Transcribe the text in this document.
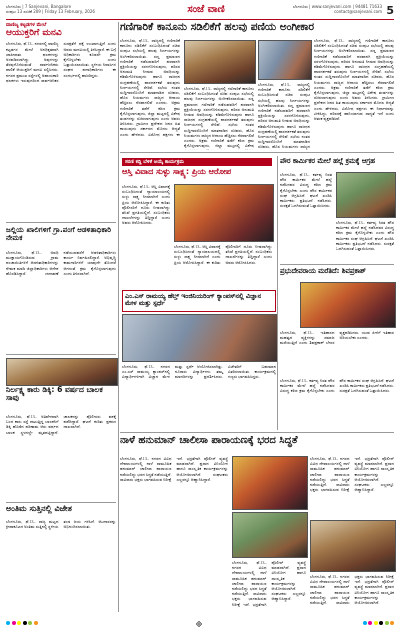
ಬೆಂಗಳೂರು | 7 Sanjevani, Bangalore
ಸಂಪುಟ 13 ಸಂಚಿಕೆ 209 | Friday 13 February, 2026	ಸಂಜೆ ವಾಣಿ	ಬೆಂಗಳೂರು | www.sanjevani.com | 94481 71633
contact@sanjevani.com 5
ವಾಣಿಜ್ಯ ಕಟ್ಟಡಗಳ ಮೇಲೆ
ಆಯುಕ್ತರಿಗೆ ಮನವಿ
ಬೆಂಗಳೂರು, ಫೆ.13– ನಗರದಲ್ಲಿ ವಾಣಿಜ್ಯ ಕಟ್ಟಡಗಳ ಮೇಲೆ ಅನಧಿಕೃತವಾಗಿ ಜಾಹೀರಾತು ಫಲಕಗಳನ್ನು ಅಳವಡಿಸಲಾಗಿದ್ದು ಅವುಗಳನ್ನು ತೆರವುಗೊಳಿಸುವಂತೆ ಸಾರ್ವಜನಿಕರು ಪಾಲಿಕೆ ಆಯುಕ್ತರಿಗೆ ಮನವಿ ಸಲ್ಲಿಸಿದರು. ನಗರದ ಪ್ರಮುಖ ರಸ್ತೆಗಳಲ್ಲಿ ಅಪಾಯಕಾರಿ ಫಲಕಗಳು ಇರುವುದರಿಂದ ಸಾರ್ವಜನಿಕರ ಸುರಕ್ಷತೆಗೆ ಧಕ್ಕೆ ಉಂಟಾಗುತ್ತಿದೆ ಎಂದು ಅವರು ಮನವಿಯಲ್ಲಿ ತಿಳಿಸಿದ್ದಾರೆ. ಈ ಬಗ್ಗೆ ಅಧಿಕಾರಿಗಳು ಕೂಡಲೇ ಕ್ರಮ ಕೈಗೊಳ್ಳಬೇಕು ಎಂದು ಒತ್ತಾಯಿಸಲಾಯಿತು. ಸ್ಥಳೀಯ ನಿವಾಸಿಗಳ ಸಂಘದ ಪದಾಧಿಕಾರಿಗಳು ಈ ಸಂದರ್ಭದಲ್ಲಿ ಹಾಜರಿದ್ದರು.
ಗಣಿಗಾರಿಕೆ ಕಾನೂನು ಸಡಿಲಿಕೆಗೆ ಹಲವು ಪಣಿಯ ಅಂಗೀಕಾರ
ಬೆಂಗಳೂರು, ಫೆ.13– ರಾಜ್ಯದಲ್ಲಿ ಗಣಿಗಾರಿಕೆ ಕಾನೂನು ಸಡಿಲಿಕೆಗೆ ಸಂಬಂಧಿಸಿದಂತೆ ಸಚಿವ ಸಂಪುಟ ಸಭೆಯಲ್ಲಿ ಹಲವು ನಿರ್ಣಯಗಳನ್ನು ಅಂಗೀಕರಿಸಲಾಯಿತು. ಸಣ್ಣ ಪ್ರಮಾಣದ ಗಣಿಗಾರಿಕೆ ನಡೆಸುವವರಿಗೆ ಪರವಾನಗಿ ಪ್ರಕ್ರಿಯೆಯನ್ನು ಸರಳಗೊಳಿಸುವುದು, ಪರಿಸರ ಅನುಮತಿ ನೀಡುವ ಅವಧಿಯನ್ನು ಕಡಿಮೆಗೊಳಿಸುವುದು ಹಾಗೂ ರಾಜಧನ ಸಂಗ್ರಹಣೆಯಲ್ಲಿ ಪಾರದರ್ಶಕತೆ ತರುವುದು ನಿರ್ಣಯಗಳಲ್ಲಿ ಸೇರಿವೆ. ಸಭೆಯ ನಂತರ ಸುದ್ದಿಗಾರರೊಂದಿಗೆ ಮಾತನಾಡಿದ ಸಚಿವರು, ಹೊಸ ನಿಯಮಗಳು ರಾಜ್ಯದ ಆದಾಯ ಹೆಚ್ಚಿಸಲು ನೆರವಾಗಲಿವೆ ಎಂದರು. ಅಕ್ರಮ ಗಣಿಗಾರಿಕೆ ತಡೆಗೆ ಕಠಿಣ ಕ್ರಮ ಕೈಗೊಳ್ಳಲಾಗುವುದು, ಜಿಲ್ಲಾ ಮಟ್ಟದಲ್ಲಿ ವಿಶೇಷ ತಂಡಗಳನ್ನು ರಚಿಸಲಾಗುವುದು ಎಂದು ಅವರು ತಿಳಿಸಿದರು. ಗ್ರಾಮೀಣ ಪ್ರದೇಶದ ಜನರ ಹಿತ ಕಾಯುವುದು ಸರ್ಕಾರದ ಮೊದಲ ಆದ್ಯತೆ ಎಂದು ಹೇಳಿದರು. ವಿರೋಧ ಪಕ್ಷಗಳು ಈ
ಬೆಂಗಳೂರು, ಫೆ.13– ರಾಜ್ಯದಲ್ಲಿ ಗಣಿಗಾರಿಕೆ ಕಾನೂನು ಸಡಿಲಿಕೆಗೆ ಸಂಬಂಧಿಸಿದಂತೆ ಸಚಿವ ಸಂಪುಟ ಸಭೆಯಲ್ಲಿ ಹಲವು ನಿರ್ಣಯಗಳನ್ನು ಅಂಗೀಕರಿಸಲಾಯಿತು. ಸಣ್ಣ ಪ್ರಮಾಣದ ಗಣಿಗಾರಿಕೆ ನಡೆಸುವವರಿಗೆ ಪರವಾನಗಿ ಪ್ರಕ್ರಿಯೆಯನ್ನು ಸರಳಗೊಳಿಸುವುದು, ಪರಿಸರ ಅನುಮತಿ ನೀಡುವ ಅವಧಿಯನ್ನು ಕಡಿಮೆಗೊಳಿಸುವುದು ಹಾಗೂ ರಾಜಧನ ಸಂಗ್ರಹಣೆಯಲ್ಲಿ ಪಾರದರ್ಶಕತೆ ತರುವುದು ನಿರ್ಣಯಗಳಲ್ಲಿ ಸೇರಿವೆ. ಸಭೆಯ ನಂತರ ಸುದ್ದಿಗಾರರೊಂದಿಗೆ ಮಾತನಾಡಿದ ಸಚಿವರು, ಹೊಸ ನಿಯಮಗಳು ರಾಜ್ಯದ ಆದಾಯ ಹೆಚ್ಚಿಸಲು ನೆರವಾಗಲಿವೆ ಎಂದರು. ಅಕ್ರಮ ಗಣಿಗಾರಿಕೆ ತಡೆಗೆ ಕಠಿಣ ಕ್ರಮ ಕೈಗೊಳ್ಳಲಾಗುವುದು, ಜಿಲ್ಲಾ ಮಟ್ಟದಲ್ಲಿ ವಿಶೇಷ
ಬೆಂಗಳೂರು, ಫೆ.13– ರಾಜ್ಯದಲ್ಲಿ ಗಣಿಗಾರಿಕೆ ಕಾನೂನು ಸಡಿಲಿಕೆಗೆ ಸಂಬಂಧಿಸಿದಂತೆ ಸಚಿವ ಸಂಪುಟ ಸಭೆಯಲ್ಲಿ ಹಲವು ನಿರ್ಣಯಗಳನ್ನು ಅಂಗೀಕರಿಸಲಾಯಿತು. ಸಣ್ಣ ಪ್ರಮಾಣದ ಗಣಿಗಾರಿಕೆ ನಡೆಸುವವರಿಗೆ ಪರವಾನಗಿ ಪ್ರಕ್ರಿಯೆಯನ್ನು ಸರಳಗೊಳಿಸುವುದು, ಪರಿಸರ ಅನುಮತಿ ನೀಡುವ ಅವಧಿಯನ್ನು ಕಡಿಮೆಗೊಳಿಸುವುದು ಹಾಗೂ ರಾಜಧನ ಸಂಗ್ರಹಣೆಯಲ್ಲಿ ಪಾರದರ್ಶಕತೆ ತರುವುದು ನಿರ್ಣಯಗಳಲ್ಲಿ ಸೇರಿವೆ. ಸಭೆಯ ನಂತರ ಸುದ್ದಿಗಾರರೊಂದಿಗೆ ಮಾತನಾಡಿದ ಸಚಿವರು, ಹೊಸ ನಿಯಮಗಳು ರಾಜ್ಯದ
ಬೆಂಗಳೂರು, ಫೆ.13– ರಾಜ್ಯದಲ್ಲಿ ಗಣಿಗಾರಿಕೆ ಕಾನೂನು ಸಡಿಲಿಕೆಗೆ ಸಂಬಂಧಿಸಿದಂತೆ ಸಚಿವ ಸಂಪುಟ ಸಭೆಯಲ್ಲಿ ಹಲವು ನಿರ್ಣಯಗಳನ್ನು ಅಂಗೀಕರಿಸಲಾಯಿತು. ಸಣ್ಣ ಪ್ರಮಾಣದ ಗಣಿಗಾರಿಕೆ ನಡೆಸುವವರಿಗೆ ಪರವಾನಗಿ ಪ್ರಕ್ರಿಯೆಯನ್ನು ಸರಳಗೊಳಿಸುವುದು, ಪರಿಸರ ಅನುಮತಿ ನೀಡುವ ಅವಧಿಯನ್ನು ಕಡಿಮೆಗೊಳಿಸುವುದು ಹಾಗೂ ರಾಜಧನ ಸಂಗ್ರಹಣೆಯಲ್ಲಿ ಪಾರದರ್ಶಕತೆ ತರುವುದು ನಿರ್ಣಯಗಳಲ್ಲಿ ಸೇರಿವೆ. ಸಭೆಯ ನಂತರ ಸುದ್ದಿಗಾರರೊಂದಿಗೆ ಮಾತನಾಡಿದ ಸಚಿವರು, ಹೊಸ ನಿಯಮಗಳು ರಾಜ್ಯದ ಆದಾಯ ಹೆಚ್ಚಿಸಲು ನೆರವಾಗಲಿವೆ ಎಂದರು. ಅಕ್ರಮ ಗಣಿಗಾರಿಕೆ ತಡೆಗೆ ಕಠಿಣ ಕ್ರಮ ಕೈಗೊಳ್ಳಲಾಗುವುದು, ಜಿಲ್ಲಾ ಮಟ್ಟದಲ್ಲಿ ವಿಶೇಷ ತಂಡಗಳನ್ನು ರಚಿಸಲಾಗುವುದು ಎಂದು ಅವರು ತಿಳಿಸಿದರು. ಗ್ರಾಮೀಣ ಪ್ರದೇಶದ ಜನರ ಹಿತ ಕಾಯುವುದು ಸರ್ಕಾರದ ಮೊದಲ ಆದ್ಯತೆ ಎಂದು ಹೇಳಿದರು. ವಿರೋಧ ಪಕ್ಷಗಳು ಈ ನಿರ್ಧಾರವನ್ನು ಟೀಕಿಸಿದ್ದು, ಪರಿಸರಕ್ಕೆ ಹಾನಿಯಾಗುವ ಸಾಧ್ಯತೆ ಇದೆ ಎಂದು ಆತಂಕ ವ್ಯಕ್ತಪಡಿಸಿವೆ.
ಸರಣಿ ಕದ್ದಿ ಬೆಳಿಕೆ ಆಯ್ಕೆ ಕಾರ್ಯಕ್ರಮ
ಆಸ್ತಿ ವಿವಾದ ಸುಳ್ಳು ಸಾಕ್ಷ್ಯ: ಪ್ರಿಯ ಆರೋಪ
ಬೆಂಗಳೂರು, ಫೆ.13– ಆಸ್ತಿ ವಿವಾದಕ್ಕೆ ಸಂಬಂಧಿಸಿದಂತೆ ನ್ಯಾಯಾಲಯದಲ್ಲಿ ಸುಳ್ಳು ಸಾಕ್ಷ್ಯ ನೀಡಲಾಗಿದೆ ಎಂದು ಪ್ರಿಯ ಆರೋಪಿಸಿದ್ದಾರೆ. ಈ ಕುರಿತು ಪೊಲೀಸರಿಗೆ ದೂರು ನೀಡಲಾಗಿದ್ದು ತನಿಖೆ ಪ್ರಗತಿಯಲ್ಲಿದೆ. ಸಂಬಂಧಿಕರು ದಾಖಲೆಗಳನ್ನು ತಿದ್ದಿದ್ದಾರೆ ಎಂದು ಅವರು ಆರೋಪಿಸಿದರು.
ಬೆಂಗಳೂರು, ಫೆ.13– ಆಸ್ತಿ ವಿವಾದಕ್ಕೆ ಸಂಬಂಧಿಸಿದಂತೆ ನ್ಯಾಯಾಲಯದಲ್ಲಿ ಸುಳ್ಳು ಸಾಕ್ಷ್ಯ ನೀಡಲಾಗಿದೆ ಎಂದು ಪ್ರಿಯ ಆರೋಪಿಸಿದ್ದಾರೆ. ಈ ಕುರಿತು ಪೊಲೀಸರಿಗೆ ದೂರು ನೀಡಲಾಗಿದ್ದು ತನಿಖೆ ಪ್ರಗತಿಯಲ್ಲಿದೆ. ಸಂಬಂಧಿಕರು ದಾಖಲೆಗಳನ್ನು ತಿದ್ದಿದ್ದಾರೆ ಎಂದು ಅವರು ಆರೋಪಿಸಿದರು.
ಪೌರ ಕಾರ್ಮಿಕರ ಮೇಲೆ ಹಲ್ಲೆ ಕ್ರಮಕ್ಕೆ ಆಗ್ರಹ
ಬೆಂಗಳೂರು, ಫೆ.13– ಕರ್ತವ್ಯ ನಿರತ ಪೌರ ಕಾರ್ಮಿಕರ ಮೇಲೆ ಹಲ್ಲೆ ನಡೆಸಿದವರ ವಿರುದ್ಧ ಕಠಿಣ ಕ್ರಮ ಕೈಗೊಳ್ಳಬೇಕು ಎಂದು ಪೌರ ಕಾರ್ಮಿಕರ ಸಂಘ ಆಗ್ರಹಿಸಿದೆ. ಘಟನೆ ಖಂಡಿಸಿ ಕಾರ್ಮಿಕರು ಪ್ರತಿಭಟನೆ ನಡೆಸಿದರು. ಸುರಕ್ಷತೆ ಒದಗಿಸುವಂತೆ ಒತ್ತಾಯಿಸಿದರು.
ಬೆಂಗಳೂರು, ಫೆ.13– ಕರ್ತವ್ಯ ನಿರತ ಪೌರ ಕಾರ್ಮಿಕರ ಮೇಲೆ ಹಲ್ಲೆ ನಡೆಸಿದವರ ವಿರುದ್ಧ ಕಠಿಣ ಕ್ರಮ ಕೈಗೊಳ್ಳಬೇಕು ಎಂದು ಪೌರ ಕಾರ್ಮಿಕರ ಸಂಘ ಆಗ್ರಹಿಸಿದೆ. ಘಟನೆ ಖಂಡಿಸಿ ಕಾರ್ಮಿಕರು ಪ್ರತಿಭಟನೆ ನಡೆಸಿದರು. ಸುರಕ್ಷತೆ ಒದಗಿಸುವಂತೆ ಒತ್ತಾಯಿಸಿದರು.
ಜಲ್ಲಿಯ ಖಾಲಿಗಳಿಗೆ ಗ್ರಾ.ಪಂಗೆ ಆಡಳಿತಾಧಿಕಾರಿ ನೇಮಕ
ಬೆಂಗಳೂರು, ಫೆ.13– ಅವಧಿ ಮುಕ್ತಾಯಗೊಂಡಿರುವ ಗ್ರಾಮ ಪಂಚಾಯಿತಿಗಳಿಗೆ ಆಡಳಿತಾಧಿಕಾರಿಗಳನ್ನು ನೇಮಕ ಮಾಡಿ ಜಿಲ್ಲಾಧಿಕಾರಿಗಳು ಆದೇಶ ಹೊರಡಿಸಿದ್ದಾರೆ. ಚುನಾವಣೆ ನಡೆಯುವವರೆಗೆ ಆಡಳಿತಾಧಿಕಾರಿಗಳು ಕಾರ್ಯ ನಿರ್ವಹಿಸಲಿದ್ದಾರೆ. ಅಭಿವೃದ್ಧಿ ಕಾಮಗಾರಿಗಳಿಗೆ ಯಾವುದೇ ತೊಂದರೆ ಆಗದಂತೆ ಕ್ರಮ ಕೈಗೊಳ್ಳಲಾಗುವುದು ಎಂದು ತಿಳಿಸಲಾಗಿದೆ.	ಪ್ರಭುದೇವರಾಯ ಮರೆತಿದೆ: ಶಿವಪ್ರಕಾಶ್
ಬೆಂಗಳೂರು, ಫೆ.13– ಇತಿಹಾಸದ ಮಹತ್ವದ ವ್ಯಕ್ತಿಗಳನ್ನು ಸಮಾಜ ಮರೆಯುತ್ತಿದೆ ಎಂದು ಶಿವಪ್ರಕಾಶ್ ಬೇಸರ ವ್ಯಕ್ತಪಡಿಸಿದರು. ಯುವ ಪೀಳಿಗೆ ಇತಿಹಾಸ ಅರಿಯಬೇಕು ಎಂದರು.
ಎಂ.ಎಸ್ ರಾಮಯ್ಯ ಹೆಲ್ತ್ ಇಂಜಿನಿಯರಿಂಗ್ ಕ್ಯಾಂಪಸ್‌ನಲ್ಲಿ ವಿಜ್ಞಾನ ಮೇಳ ಮತ್ತು ಸ್ಪರ್ಧೆ
ಬೆಂಗಳೂರು, ಫೆ.13– ನಗರದ ಎಂ.ಎಸ್ ರಾಮಯ್ಯ ಕ್ಯಾಂಪಸ್‌ನಲ್ಲಿ ವಿದ್ಯಾರ್ಥಿಗಳಿಗಾಗಿ ವಿಜ್ಞಾನ ಮೇಳ ಮತ್ತು ಸ್ಪರ್ಧೆ ಆಯೋಜಿಸಲಾಗಿತ್ತು. ನೂರಾರು ವಿದ್ಯಾರ್ಥಿಗಳು ತಮ್ಮ ಮಾದರಿಗಳನ್ನು ಪ್ರದರ್ಶಿಸಿದರು. ವಿಜೇತರಿಗೆ ಬಹುಮಾನ ವಿತರಿಸಲಾಯಿತು. ಕಾರ್ಯಕ್ರಮದಲ್ಲಿ ಗಣ್ಯರು ಭಾಗವಹಿಸಿದ್ದರು.
ನಿರ್ಲಕ್ಷ್ಯ ಕಾರು ಡಿಕ್ಕಿ: 6 ವರ್ಷದ ಬಾಲಕ ಸಾವು
ಬೆಂಗಳೂರು, ಫೆ.13– ಅತಿವೇಗವಾಗಿ ಬಂದ ಕಾರು ರಸ್ತೆ ದಾಟುತ್ತಿದ್ದ ಬಾಲಕನಿಗೆ ಡಿಕ್ಕಿ ಹೊಡೆದ ಪರಿಣಾಮ ಆರು ವರ್ಷದ ಬಾಲಕ ಸ್ಥಳದಲ್ಲೇ ಮೃತಪಟ್ಟಿದ್ದಾನೆ. ಚಾಲಕನನ್ನು ಪೊಲೀಸರು ವಶಕ್ಕೆ ಪಡೆದಿದ್ದಾರೆ. ಘಟನೆ ಕುರಿತು ಪ್ರಕರಣ ದಾಖಲಾಗಿದೆ.
ಬೆಂಗಳೂರು, ಫೆ.13– ಕರ್ತವ್ಯ ನಿರತ ಪೌರ ಕಾರ್ಮಿಕರ ಮೇಲೆ ಹಲ್ಲೆ ನಡೆಸಿದವರ ವಿರುದ್ಧ ಕಠಿಣ ಕ್ರಮ ಕೈಗೊಳ್ಳಬೇಕು ಎಂದು ಪೌರ ಕಾರ್ಮಿಕರ ಸಂಘ ಆಗ್ರಹಿಸಿದೆ. ಘಟನೆ ಖಂಡಿಸಿ ಕಾರ್ಮಿಕರು ಪ್ರತಿಭಟನೆ ನಡೆಸಿದರು. ಸುರಕ್ಷತೆ ಒದಗಿಸುವಂತೆ ಒತ್ತಾಯಿಸಿದರು.
ಅಂತಿಮ ಸುತ್ತಿನಲ್ಲಿ ವಿಜೇತ
ಬೆಂಗಳೂರು, ಫೆ.13– ರಾಜ್ಯ ಮಟ್ಟದ ಕ್ರೀಡಾಕೂಟದ ಅಂತಿಮ ಸುತ್ತಿನಲ್ಲಿ ಸ್ಥಳೀಯ ತಂಡ ಜಯ ಗಳಿಸಿದೆ. ಆಟಗಾರರನ್ನು ಅಭಿನಂದಿಸಲಾಯಿತು.
ನಾಳೆ ಹನುಮಾನ್ ಚಾಲೀಸಾ ಪಾರಾಯಣಕ್ಕೆ ಭರದ ಸಿದ್ಧತೆ
ಬೆಂಗಳೂರು, ಫೆ.13– ನಗರದ ವಿವಿಧ ದೇವಾಲಯಗಳಲ್ಲಿ ನಾಳೆ ಸಾಮೂಹಿಕ ಹನುಮಾನ್ ಚಾಲೀಸಾ ಪಾರಾಯಣ ನಡೆಯಲಿದ್ದು ಭರದ ಸಿದ್ಧತೆ ನಡೆಯುತ್ತಿದೆ. ಸಾವಿರಾರು ಭಕ್ತರು ಭಾಗವಹಿಸುವ ನಿರೀಕ್ಷೆ ಇದೆ. ಭದ್ರತೆಗಾಗಿ ಪೊಲೀಸ್ ವ್ಯವಸ್ಥೆ ಮಾಡಲಾಗಿದೆ. ಪ್ರಸಾದ ವಿನಿಯೋಗ ಹಾಗೂ ಸಾಂಸ್ಕೃತಿಕ ಕಾರ್ಯಕ್ರಮಗಳನ್ನು ಆಯೋಜಿಸಲಾಗಿದೆ. ಸಂಘಟಕರು ಎಲ್ಲರನ್ನೂ ಆಹ್ವಾನಿಸಿದ್ದಾರೆ.
ಬೆಂಗಳೂರು, ಫೆ.13– ನಗರದ ವಿವಿಧ ದೇವಾಲಯಗಳಲ್ಲಿ ನಾಳೆ ಸಾಮೂಹಿಕ ಹನುಮಾನ್ ಚಾಲೀಸಾ ಪಾರಾಯಣ ನಡೆಯಲಿದ್ದು ಭರದ ಸಿದ್ಧತೆ ನಡೆಯುತ್ತಿದೆ. ಸಾವಿರಾರು ಭಕ್ತರು ಭಾಗವಹಿಸುವ ನಿರೀಕ್ಷೆ ಇದೆ. ಭದ್ರತೆಗಾಗಿ ಪೊಲೀಸ್ ವ್ಯವಸ್ಥೆ ಮಾಡಲಾಗಿದೆ. ಪ್ರಸಾದ ವಿನಿಯೋಗ ಹಾಗೂ ಸಾಂಸ್ಕೃತಿಕ ಕಾರ್ಯಕ್ರಮಗಳನ್ನು ಆಯೋಜಿಸಲಾಗಿದೆ. ಸಂಘಟಕರು ಎಲ್ಲರನ್ನೂ ಆಹ್ವಾನಿಸಿದ್ದಾರೆ.
ಬೆಂಗಳೂರು, ಫೆ.13– ನಗರದ ವಿವಿಧ ದೇವಾಲಯಗಳಲ್ಲಿ ನಾಳೆ ಸಾಮೂಹಿಕ ಹನುಮಾನ್ ಚಾಲೀಸಾ ಪಾರಾಯಣ ನಡೆಯಲಿದ್ದು ಭರದ ಸಿದ್ಧತೆ ನಡೆಯುತ್ತಿದೆ. ಸಾವಿರಾರು ಭಕ್ತರು ಭಾಗವಹಿಸುವ ನಿರೀಕ್ಷೆ ಇದೆ. ಭದ್ರತೆಗಾಗಿ ಪೊಲೀಸ್ ವ್ಯವಸ್ಥೆ ಮಾಡಲಾಗಿದೆ. ಪ್ರಸಾದ ವಿನಿಯೋಗ ಹಾಗೂ ಸಾಂಸ್ಕೃತಿಕ ಕಾರ್ಯಕ್ರಮಗಳನ್ನು ಆಯೋಜಿಸಲಾಗಿದೆ. ಸಂಘಟಕರು ಎಲ್ಲರನ್ನೂ ಆಹ್ವಾನಿಸಿದ್ದಾರೆ.
ಬೆಂಗಳೂರು, ಫೆ.13– ನಗರದ ವಿವಿಧ ದೇವಾಲಯಗಳಲ್ಲಿ ನಾಳೆ ಸಾಮೂಹಿಕ ಹನುಮಾನ್ ಚಾಲೀಸಾ ಪಾರಾಯಣ ನಡೆಯಲಿದ್ದು ಭರದ ಸಿದ್ಧತೆ ನಡೆಯುತ್ತಿದೆ. ಸಾವಿರಾರು ಭಕ್ತರು ಭಾಗವಹಿಸುವ ನಿರೀಕ್ಷೆ ಇದೆ. ಭದ್ರತೆಗಾಗಿ ಪೊಲೀಸ್ ವ್ಯವಸ್ಥೆ ಮಾಡಲಾಗಿದೆ. ಪ್ರಸಾದ ವಿನಿಯೋಗ ಹಾಗೂ ಸಾಂಸ್ಕೃತಿಕ ಕಾರ್ಯಕ್ರಮಗಳನ್ನು ಆಯೋಜಿಸಲಾಗಿದೆ.
